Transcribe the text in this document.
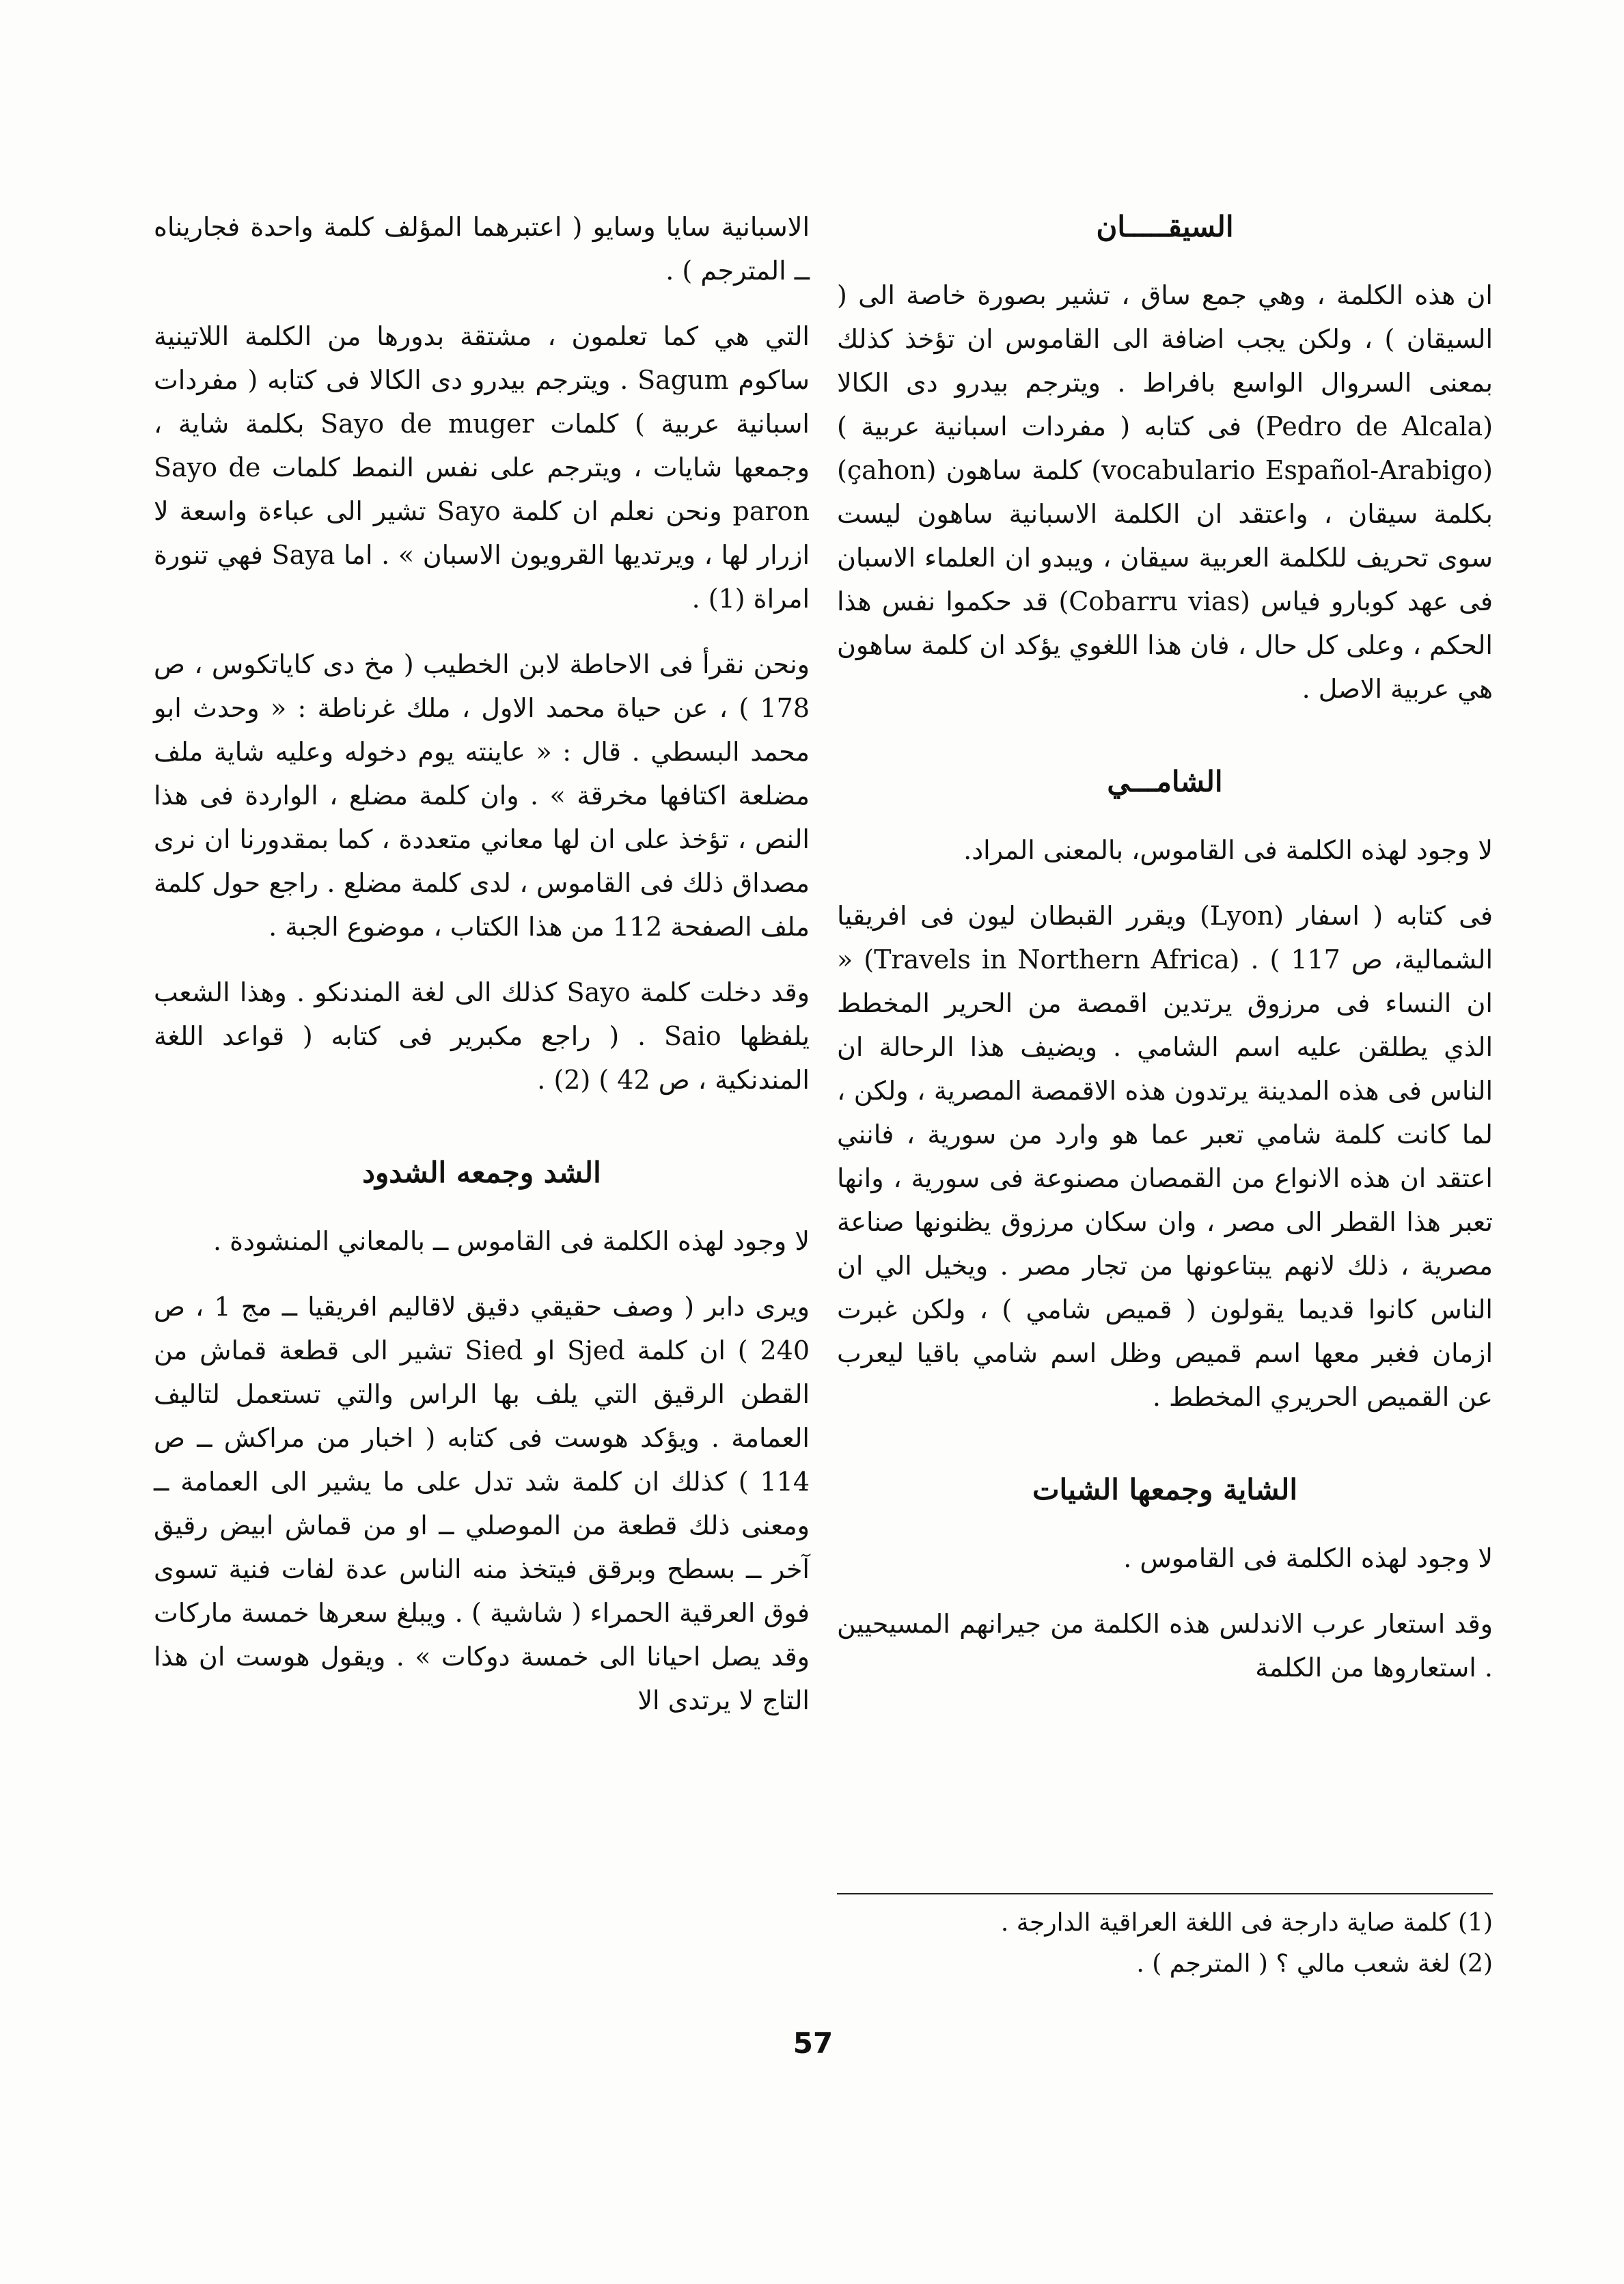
السيقـــــان

ان هذه الكلمة ، وهي جمع ساق ، تشير بصورة خاصة الى ( السيقان ) ، ولكن يجب اضافة الى القاموس ان تؤخذ كذلك بمعنى السروال الواسع بافراط . ويترجم بيدرو دى الكالا (Pedro de Alcala) فى كتابه ( مفردات اسبانية عربية ) (vocabulario Español-Arabigo) كلمة ساهون (çahon) بكلمة سيقان ، واعتقد ان الكلمة الاسبانية ساهون ليست سوى تحريف للكلمة العربية سيقان ، ويبدو ان العلماء الاسبان فى عهد كوبارو فياس (Cobarru vias) قد حكموا نفس هذا الحكم ، وعلى كل حال ، فان هذا اللغوي يؤكد ان كلمة ساهون هي عربية الاصل .

الشامـــي

لا وجود لهذه الكلمة فى القاموس، بالمعنى المراد.

فى كتابه ( اسفار (Lyon) ويقرر القبطان ليون فى افريقيا الشمالية، ص 117 ) . (Travels in Northern Africa) « ان النساء فى مرزوق يرتدين اقمصة من الحرير المخطط الذي يطلقن عليه اسم الشامي . ويضيف هذا الرحالة ان الناس فى هذه المدينة يرتدون هذه الاقمصة المصرية ، ولكن ، لما كانت كلمة شامي تعبر عما هو وارد من سورية ، فانني اعتقد ان هذه الانواع من القمصان مصنوعة فى سورية ، وانها تعبر هذا القطر الى مصر ، وان سكان مرزوق يظنونها صناعة مصرية ، ذلك لانهم يبتاعونها من تجار مصر . ويخيل الي ان الناس كانوا قديما يقولون ( قميص شامي ) ، ولكن غبرت ازمان فغبر معها اسم قميص وظل اسم شامي باقيا ليعرب عن القميص الحريري المخطط .

الشاية وجمعها الشيات

لا وجود لهذه الكلمة فى القاموس .

وقد استعار عرب الاندلس هذه الكلمة من جيرانهم المسيحيين . استعاروها من الكلمة

الاسبانية سايا وسايو ( اعتبرهما المؤلف كلمة واحدة فجاريناه ــ المترجم ) .

التي هي كما تعلمون ، مشتقة بدورها من الكلمة اللاتينية ساكوم Sagum . ويترجم بيدرو دى الكالا فى كتابه ( مفردات اسبانية عربية ) كلمات Sayo de muger بكلمة شاية ، وجمعها شايات ، ويترجم على نفس النمط كلمات Sayo de paron ونحن نعلم ان كلمة Sayo تشير الى عباءة واسعة لا ازرار لها ، ويرتديها القرويون الاسبان » . اما Saya فهي تنورة امراة (1) .

ونحن نقرأ فى الاحاطة لابن الخطيب ( مخ دى كاياتكوس ، ص 178 ) ، عن حياة محمد الاول ، ملك غرناطة : « وحدث ابو محمد البسطي . قال : « عاينته يوم دخوله وعليه شاية ملف مضلعة اكتافها مخرقة » . وان كلمة مضلع ، الواردة فى هذا النص ، تؤخذ على ان لها معاني متعددة ، كما بمقدورنا ان نرى مصداق ذلك فى القاموس ، لدى كلمة مضلع . راجع حول كلمة ملف الصفحة 112 من هذا الكتاب ، موضوع الجبة .

وقد دخلت كلمة Sayo كذلك الى لغة المندنكو . وهذا الشعب يلفظها Saio . ( راجع مكبرير فى كتابه ( قواعد اللغة المندنكية ، ص 42 ) (2) .

الشد وجمعه الشدود

لا وجود لهذه الكلمة فى القاموس ــ بالمعاني المنشودة .

ويرى دابر ( وصف حقيقي دقيق لاقاليم افريقيا ــ مج 1 ، ص 240 ) ان كلمة Sjed او Sied تشير الى قطعة قماش من القطن الرقيق التي يلف بها الراس والتي تستعمل لتاليف العمامة . ويؤكد هوست فى كتابه ( اخبار من مراكش ــ ص 114 ) كذلك ان كلمة شد تدل على ما يشير الى العمامة ــ ومعنى ذلك قطعة من الموصلي ــ او من قماش ابيض رقيق آخر ــ بسطح وبرقق فيتخذ منه الناس عدة لفات فنية تسوى فوق العرقية الحمراء ( شاشية ) . ويبلغ سعرها خمسة ماركات وقد يصل احيانا الى خمسة دوكات » . ويقول هوست ان هذا التاج لا يرتدى الا

(1) كلمة صاية دارجة فى اللغة العراقية الدارجة .

(2) لغة شعب مالي ؟ ( المترجم ) .

57
